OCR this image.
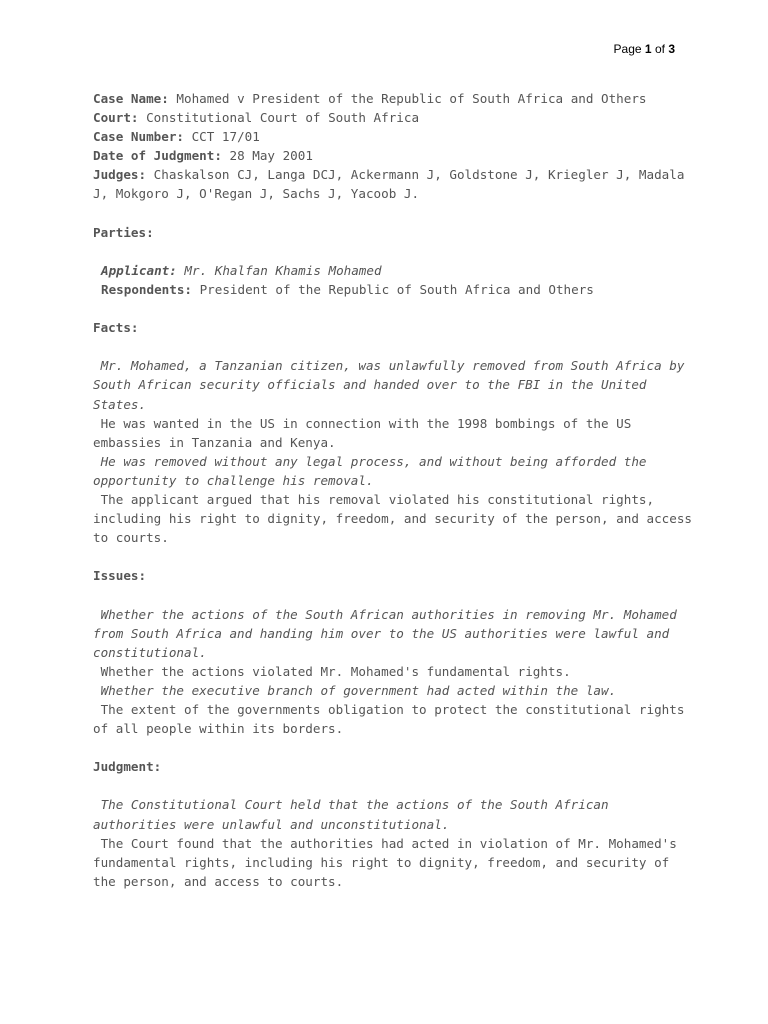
Page 1 of 3

Case Name: Mohamed v President of the Republic of South Africa and Others

Court: Constitutional Court of South Africa

Case Number: CCT 17/01

Date of Judgment: 28 May 2001

Judges: Chaskalson CJ, Langa DCJ, Ackermann J, Goldstone J, Kriegler J, Madala J, Mokgoro J, O'Regan J, Sachs J, Yacoob J.

Parties:

Applicant: Mr. Khalfan Khamis Mohamed

Respondents: President of the Republic of South Africa and Others

Facts:

Mr. Mohamed, a Tanzanian citizen, was unlawfully removed from South Africa by South African security officials and handed over to the FBI in the United States.

He was wanted in the US in connection with the 1998 bombings of the US embassies in Tanzania and Kenya.

He was removed without any legal process, and without being afforded the opportunity to challenge his removal.

The applicant argued that his removal violated his constitutional rights, including his right to dignity, freedom, and security of the person, and access to courts.

Issues:

Whether the actions of the South African authorities in removing Mr. Mohamed from South Africa and handing him over to the US authorities were lawful and constitutional.

Whether the actions violated Mr. Mohamed's fundamental rights.

Whether the executive branch of government had acted within the law.

The extent of the governments obligation to protect the constitutional rights of all people within its borders.

Judgment:

The Constitutional Court held that the actions of the South African authorities were unlawful and unconstitutional.

The Court found that the authorities had acted in violation of Mr. Mohamed's fundamental rights, including his right to dignity, freedom, and security of the person, and access to courts.
